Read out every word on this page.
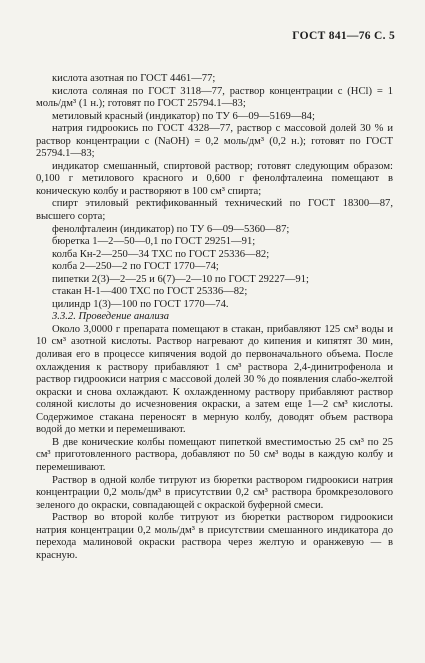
ГОСТ 841—76 С. 5

кислота азотная по ГОСТ 4461—77;

кислота соляная по ГОСТ 3118—77, раствор концентрации c (HCl) = 1 моль/дм³ (1 н.); готовят по ГОСТ 25794.1—83;

метиловый красный (индикатор) по ТУ 6—09—5169—84;

натрия гидроокись по ГОСТ 4328—77, раствор с массовой долей 30 % и раствор концентрации c (NaOH) = 0,2 моль/дм³ (0,2 н.); готовят по ГОСТ 25794.1—83;

индикатор смешанный, спиртовой раствор; готовят следующим образом: 0,100 г метилового красного и 0,600 г фенолфталеина помещают в коническую колбу и растворяют в 100 см³ спирта;

спирт этиловый ректификованный технический по ГОСТ 18300—87, высшего сорта;

фенолфталеин (индикатор) по ТУ 6—09—5360—87;

бюретка 1—2—50—0,1 по ГОСТ 29251—91;

колба Кн-2—250—34 ТХС по ГОСТ 25336—82;

колба 2—250—2 по ГОСТ 1770—74;

пипетки 2(3)—2—25 и 6(7)—2—10 по ГОСТ 29227—91;

стакан Н-1—400 ТХС по ГОСТ 25336—82;

цилиндр 1(3)—100 по ГОСТ 1770—74.

3.3.2. Проведение анализа

Около 3,0000 г препарата помещают в стакан, прибавляют 125 см³ воды и 10 см³ азотной кислоты. Раствор нагревают до кипения и кипятят 30 мин, доливая его в процессе кипячения водой до первоначального объема. После охлаждения к раствору прибавляют 1 см³ раствора 2,4-динитрофенола и раствор гидроокиси натрия с массовой долей 30 % до появления слабо-желтой окраски и снова охлаждают. К охлажденному раствору прибавляют раствор соляной кислоты до исчезновения окраски, а затем еще 1—2 см³ кислоты. Содержимое стакана переносят в мерную колбу, доводят объем раствора водой до метки и перемешивают.

В две конические колбы помещают пипеткой вместимостью 25 см³ по 25 см³ приготовленного раствора, добавляют по 50 см³ воды в каждую колбу и перемешивают.

Раствор в одной колбе титруют из бюретки раствором гидроокиси натрия концентрации 0,2 моль/дм³ в присутствии 0,2 см³ раствора бромкрезолового зеленого до окраски, совпадающей с окраской буферной смеси.

Раствор во второй колбе титруют из бюретки раствором гидроокиси натрия концентрации 0,2 моль/дм³ в присутствии смешанного индикатора до перехода малиновой окраски раствора через желтую и оранжевую — в красную.
